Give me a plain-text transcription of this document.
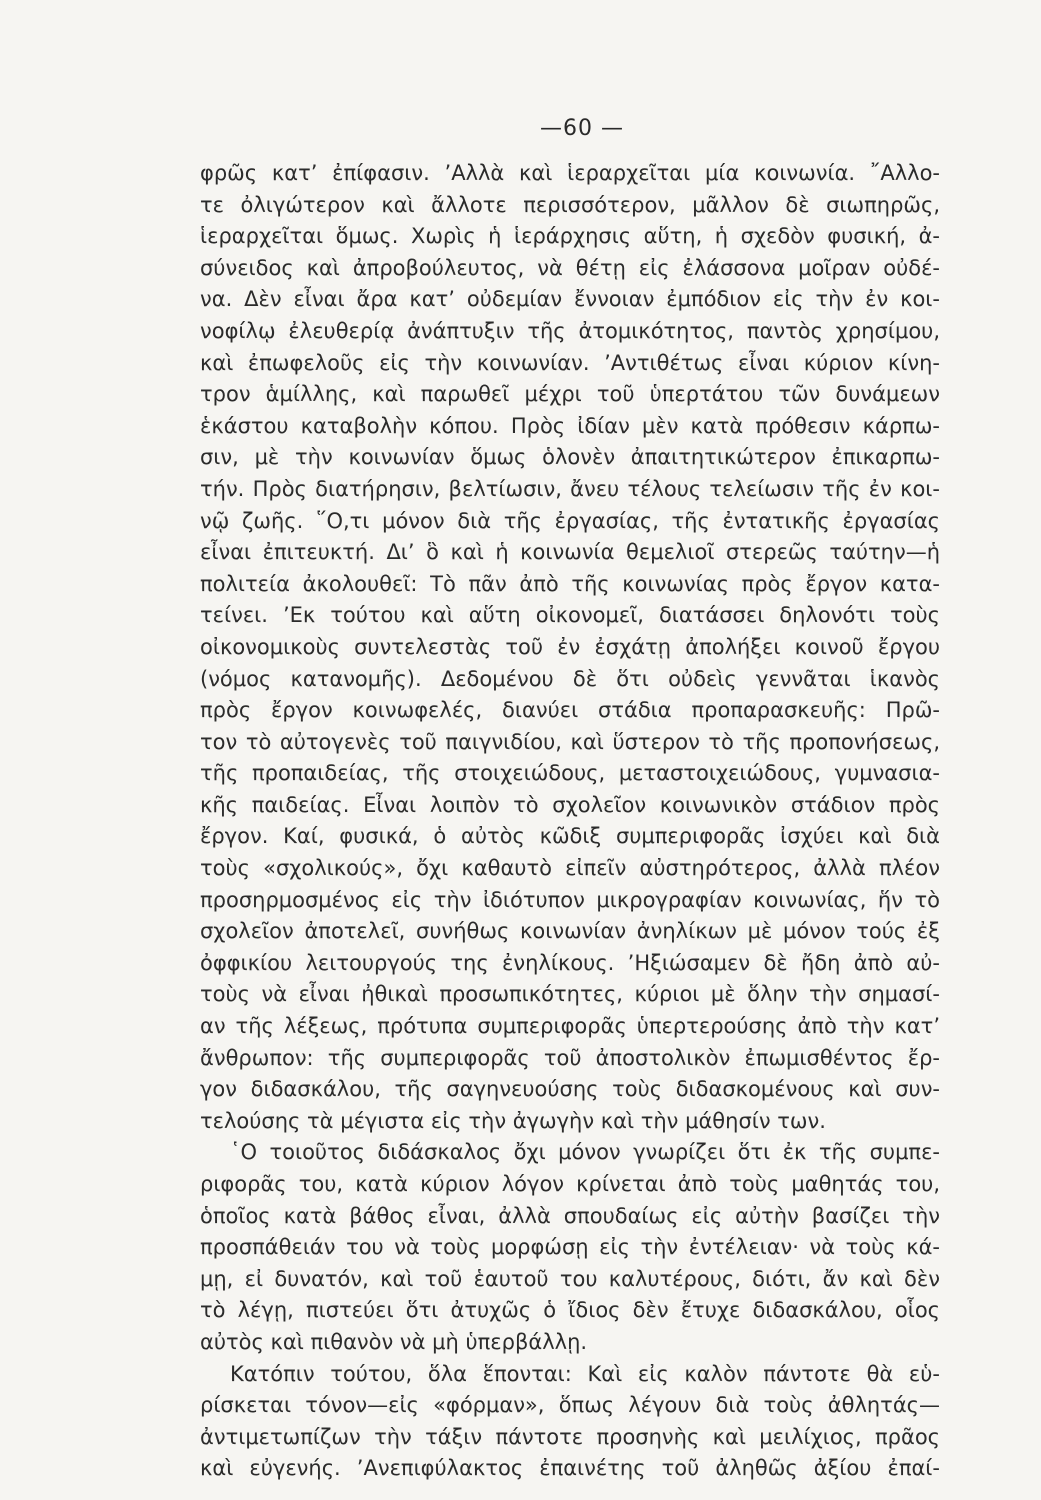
—60 —
φρῶς κατ’ ἐπίφασιν. ’Αλλὰ καὶ ἱεραρχεῖται μία κοινωνία. ῎Αλλο-
τε ὀλιγώτερον καὶ ἄλλοτε περισσότερον, μᾶλλον δὲ σιωπηρῶς,
ἱεραρχεῖται ὅμως. Χωρὶς ἡ ἱεράρχησις αὕτη, ἡ σχεδὸν φυσική, ἀ-
σύνειδος καὶ ἀπροβούλευτος, νὰ θέτῃ εἰς ἐλάσσονα μοῖραν οὐδέ-
να. Δὲν εἶναι ἄρα κατ’ οὐδεμίαν ἔννοιαν ἐμπόδιον εἰς τὴν ἐν κοι-
νοφίλῳ ἐλευθερίᾳ ἀνάπτυξιν τῆς ἀτομικότητος, παντὸς χρησίμου,
καὶ ἐπωφελοῦς εἰς τὴν κοινωνίαν. ’Αντιθέτως εἶναι κύριον κίνη-
τρον ἁμίλλης, καὶ παρωθεῖ μέχρι τοῦ ὑπερτάτου τῶν δυνάμεων
ἑκάστου καταβολὴν κόπου. Πρὸς ἰδίαν μὲν κατὰ πρόθεσιν κάρπω-
σιν, μὲ τὴν κοινωνίαν ὅμως ὁλονὲν ἀπαιτητικώτερον ἐπικαρπω-
τήν. Πρὸς διατήρησιν, βελτίωσιν, ἄνευ τέλους τελείωσιν τῆς ἐν κοι-
νῷ ζωῆς. ῞Ο,τι μόνον διὰ τῆς ἐργασίας, τῆς ἐντατικῆς ἐργασίας
εἶναι ἐπιτευκτή. Δι’ ὃ καὶ ἡ κοινωνία θεμελιοῖ στερεῶς ταύτην—ἡ
πολιτεία ἀκολουθεῖ: Τὸ πᾶν ἀπὸ τῆς κοινωνίας πρὸς ἔργον κατα-
τείνει. ’Εκ τούτου καὶ αὕτη οἰκονομεῖ, διατάσσει δηλονότι τοὺς
οἰκονομικοὺς συντελεστὰς τοῦ ἐν ἐσχάτῃ ἀπολήξει κοινοῦ ἔργου
(νόμος κατανομῆς). Δεδομένου δὲ ὅτι οὐδεὶς γεννᾶται ἱκανὸς
πρὸς ἔργον κοινωφελές, διανύει στάδια προπαρασκευῆς: Πρῶ-
τον τὸ αὐτογενὲς τοῦ παιγνιδίου, καὶ ὕστερον τὸ τῆς προπονήσεως,
τῆς προπαιδείας, τῆς στοιχειώδους, μεταστοιχειώδους, γυμνασια-
κῆς παιδείας. Εἶναι λοιπὸν τὸ σχολεῖον κοινωνικὸν στάδιον πρὸς
ἔργον. Καί, φυσικά, ὁ αὐτὸς κῶδιξ συμπεριφορᾶς ἰσχύει καὶ διὰ
τοὺς «σχολικούς», ὄχι καθαυτὸ εἰπεῖν αὐστηρότερος, ἀλλὰ πλέον
προσηρμοσμένος εἰς τὴν ἰδιότυπον μικρογραφίαν κοινωνίας, ἥν τὸ
σχολεῖον ἀποτελεῖ, συνήθως κοινωνίαν ἀνηλίκων μὲ μόνον τούς ἐξ
ὀφφικίου λειτουργούς της ἐνηλίκους. ’Ηξιώσαμεν δὲ ἤδη ἀπὸ αὐ-
τοὺς νὰ εἶναι ἠθικαὶ προσωπικότητες, κύριοι μὲ ὅλην τὴν σημασί-
αν τῆς λέξεως, πρότυπα συμπεριφορᾶς ὑπερτερούσης ἀπὸ τὴν κατ’
ἄνθρωπον: τῆς συμπεριφορᾶς τοῦ ἀποστολικὸν ἐπωμισθέντος ἔρ-
γον διδασκάλου, τῆς σαγηνευούσης τοὺς διδασκομένους καὶ συν-
τελούσης τὰ μέγιστα εἰς τὴν ἀγωγὴν καὶ τὴν μάθησίν των.
῾Ο τοιοῦτος διδάσκαλος ὄχι μόνον γνωρίζει ὅτι ἐκ τῆς συμπε-
ριφορᾶς του, κατὰ κύριον λόγον κρίνεται ἀπὸ τοὺς μαθητάς του,
ὁποῖος κατὰ βάθος εἶναι, ἀλλὰ σπουδαίως εἰς αὐτὴν βασίζει τὴν
προσπάθειάν του νὰ τοὺς μορφώσῃ εἰς τὴν ἐντέλειαν· νὰ τοὺς κά-
μῃ, εἰ δυνατόν, καὶ τοῦ ἑαυτοῦ του καλυτέρους, διότι, ἄν καὶ δὲν
τὸ λέγῃ, πιστεύει ὅτι ἀτυχῶς ὁ ἴδιος δὲν ἔτυχε διδασκάλου, οἷος
αὐτὸς καὶ πιθανὸν νὰ μὴ ὑπερβάλλῃ.
Κατόπιν τούτου, ὅλα ἕπονται: Καὶ εἰς καλὸν πάντοτε θὰ εὑ-
ρίσκεται τόνον—εἰς «φόρμαν», ὅπως λέγουν διὰ τοὺς ἀθλητάς—
ἀντιμετωπίζων τὴν τάξιν πάντοτε προσηνὴς καὶ μειλίχιος, πρᾶος
καὶ εὐγενής. ’Ανεπιφύλακτος ἐπαινέτης τοῦ ἀληθῶς ἀξίου ἐπαί-
